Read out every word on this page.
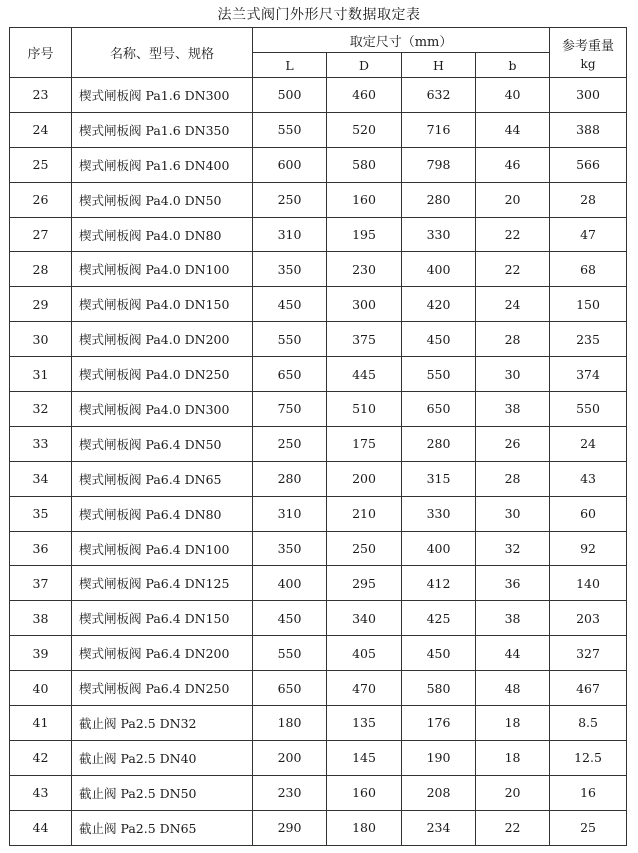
法兰式阀门外形尺寸数据取定表
序号	名称、型号、规格	取定尺寸（mm）				参考重量
kg

		L	D	H	b	
23	楔式闸板阀 Pa1.6 DN300	500	460	632	40	300
24	楔式闸板阀 Pa1.6 DN350	550	520	716	44	388
25	楔式闸板阀 Pa1.6 DN400	600	580	798	46	566
26	楔式闸板阀 Pa4.0 DN50	250	160	280	20	28
27	楔式闸板阀 Pa4.0 DN80	310	195	330	22	47
28	楔式闸板阀 Pa4.0 DN100	350	230	400	22	68
29	楔式闸板阀 Pa4.0 DN150	450	300	420	24	150
30	楔式闸板阀 Pa4.0 DN200	550	375	450	28	235
31	楔式闸板阀 Pa4.0 DN250	650	445	550	30	374
32	楔式闸板阀 Pa4.0 DN300	750	510	650	38	550
33	楔式闸板阀 Pa6.4 DN50	250	175	280	26	24
34	楔式闸板阀 Pa6.4 DN65	280	200	315	28	43
35	楔式闸板阀 Pa6.4 DN80	310	210	330	30	60
36	楔式闸板阀 Pa6.4 DN100	350	250	400	32	92
37	楔式闸板阀 Pa6.4 DN125	400	295	412	36	140
38	楔式闸板阀 Pa6.4 DN150	450	340	425	38	203
39	楔式闸板阀 Pa6.4 DN200	550	405	450	44	327
40	楔式闸板阀 Pa6.4 DN250	650	470	580	48	467
41	截止阀 Pa2.5 DN32	180	135	176	18	8.5
42	截止阀 Pa2.5 DN40	200	145	190	18	12.5
43	截止阀 Pa2.5 DN50	230	160	208	20	16
44	截止阀 Pa2.5 DN65	290	180	234	22	25
